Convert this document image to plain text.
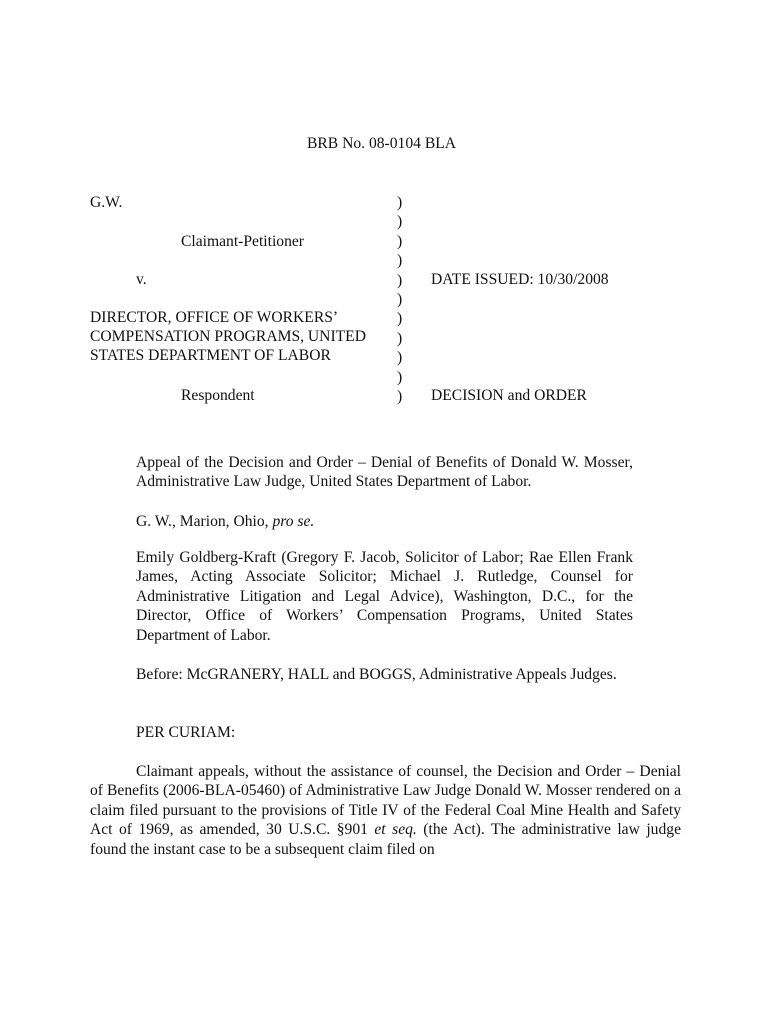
BRB No. 08-0104 BLA
G.W.
Claimant-Petitioner
v.
DIRECTOR, OFFICE OF WORKERS’
COMPENSATION PROGRAMS, UNITED
STATES DEPARTMENT OF LABOR
Respondent
)
)
)
)
)
)
)
)
)
)
)
DATE ISSUED: 10/30/2008
DECISION and ORDER
Appeal of the Decision and Order – Denial of Benefits of Donald W. Mosser, Administrative Law Judge, United States Department of Labor.
G. W., Marion, Ohio, pro se.
Emily Goldberg-Kraft (Gregory F. Jacob, Solicitor of Labor; Rae Ellen Frank James, Acting Associate Solicitor; Michael J. Rutledge, Counsel for Administrative Litigation and Legal Advice), Washington, D.C., for the Director, Office of Workers’ Compensation Programs, United States Department of Labor.
Before: McGRANERY, HALL and BOGGS, Administrative Appeals Judges.
PER CURIAM:
Claimant appeals, without the assistance of counsel, the Decision and Order – Denial of Benefits (2006-BLA-05460) of Administrative Law Judge Donald W. Mosser rendered on a claim filed pursuant to the provisions of Title IV of the Federal Coal Mine Health and Safety Act of 1969, as amended, 30 U.S.C. §901 et seq. (the Act). The administrative law judge found the instant case to be a subsequent claim filed on
